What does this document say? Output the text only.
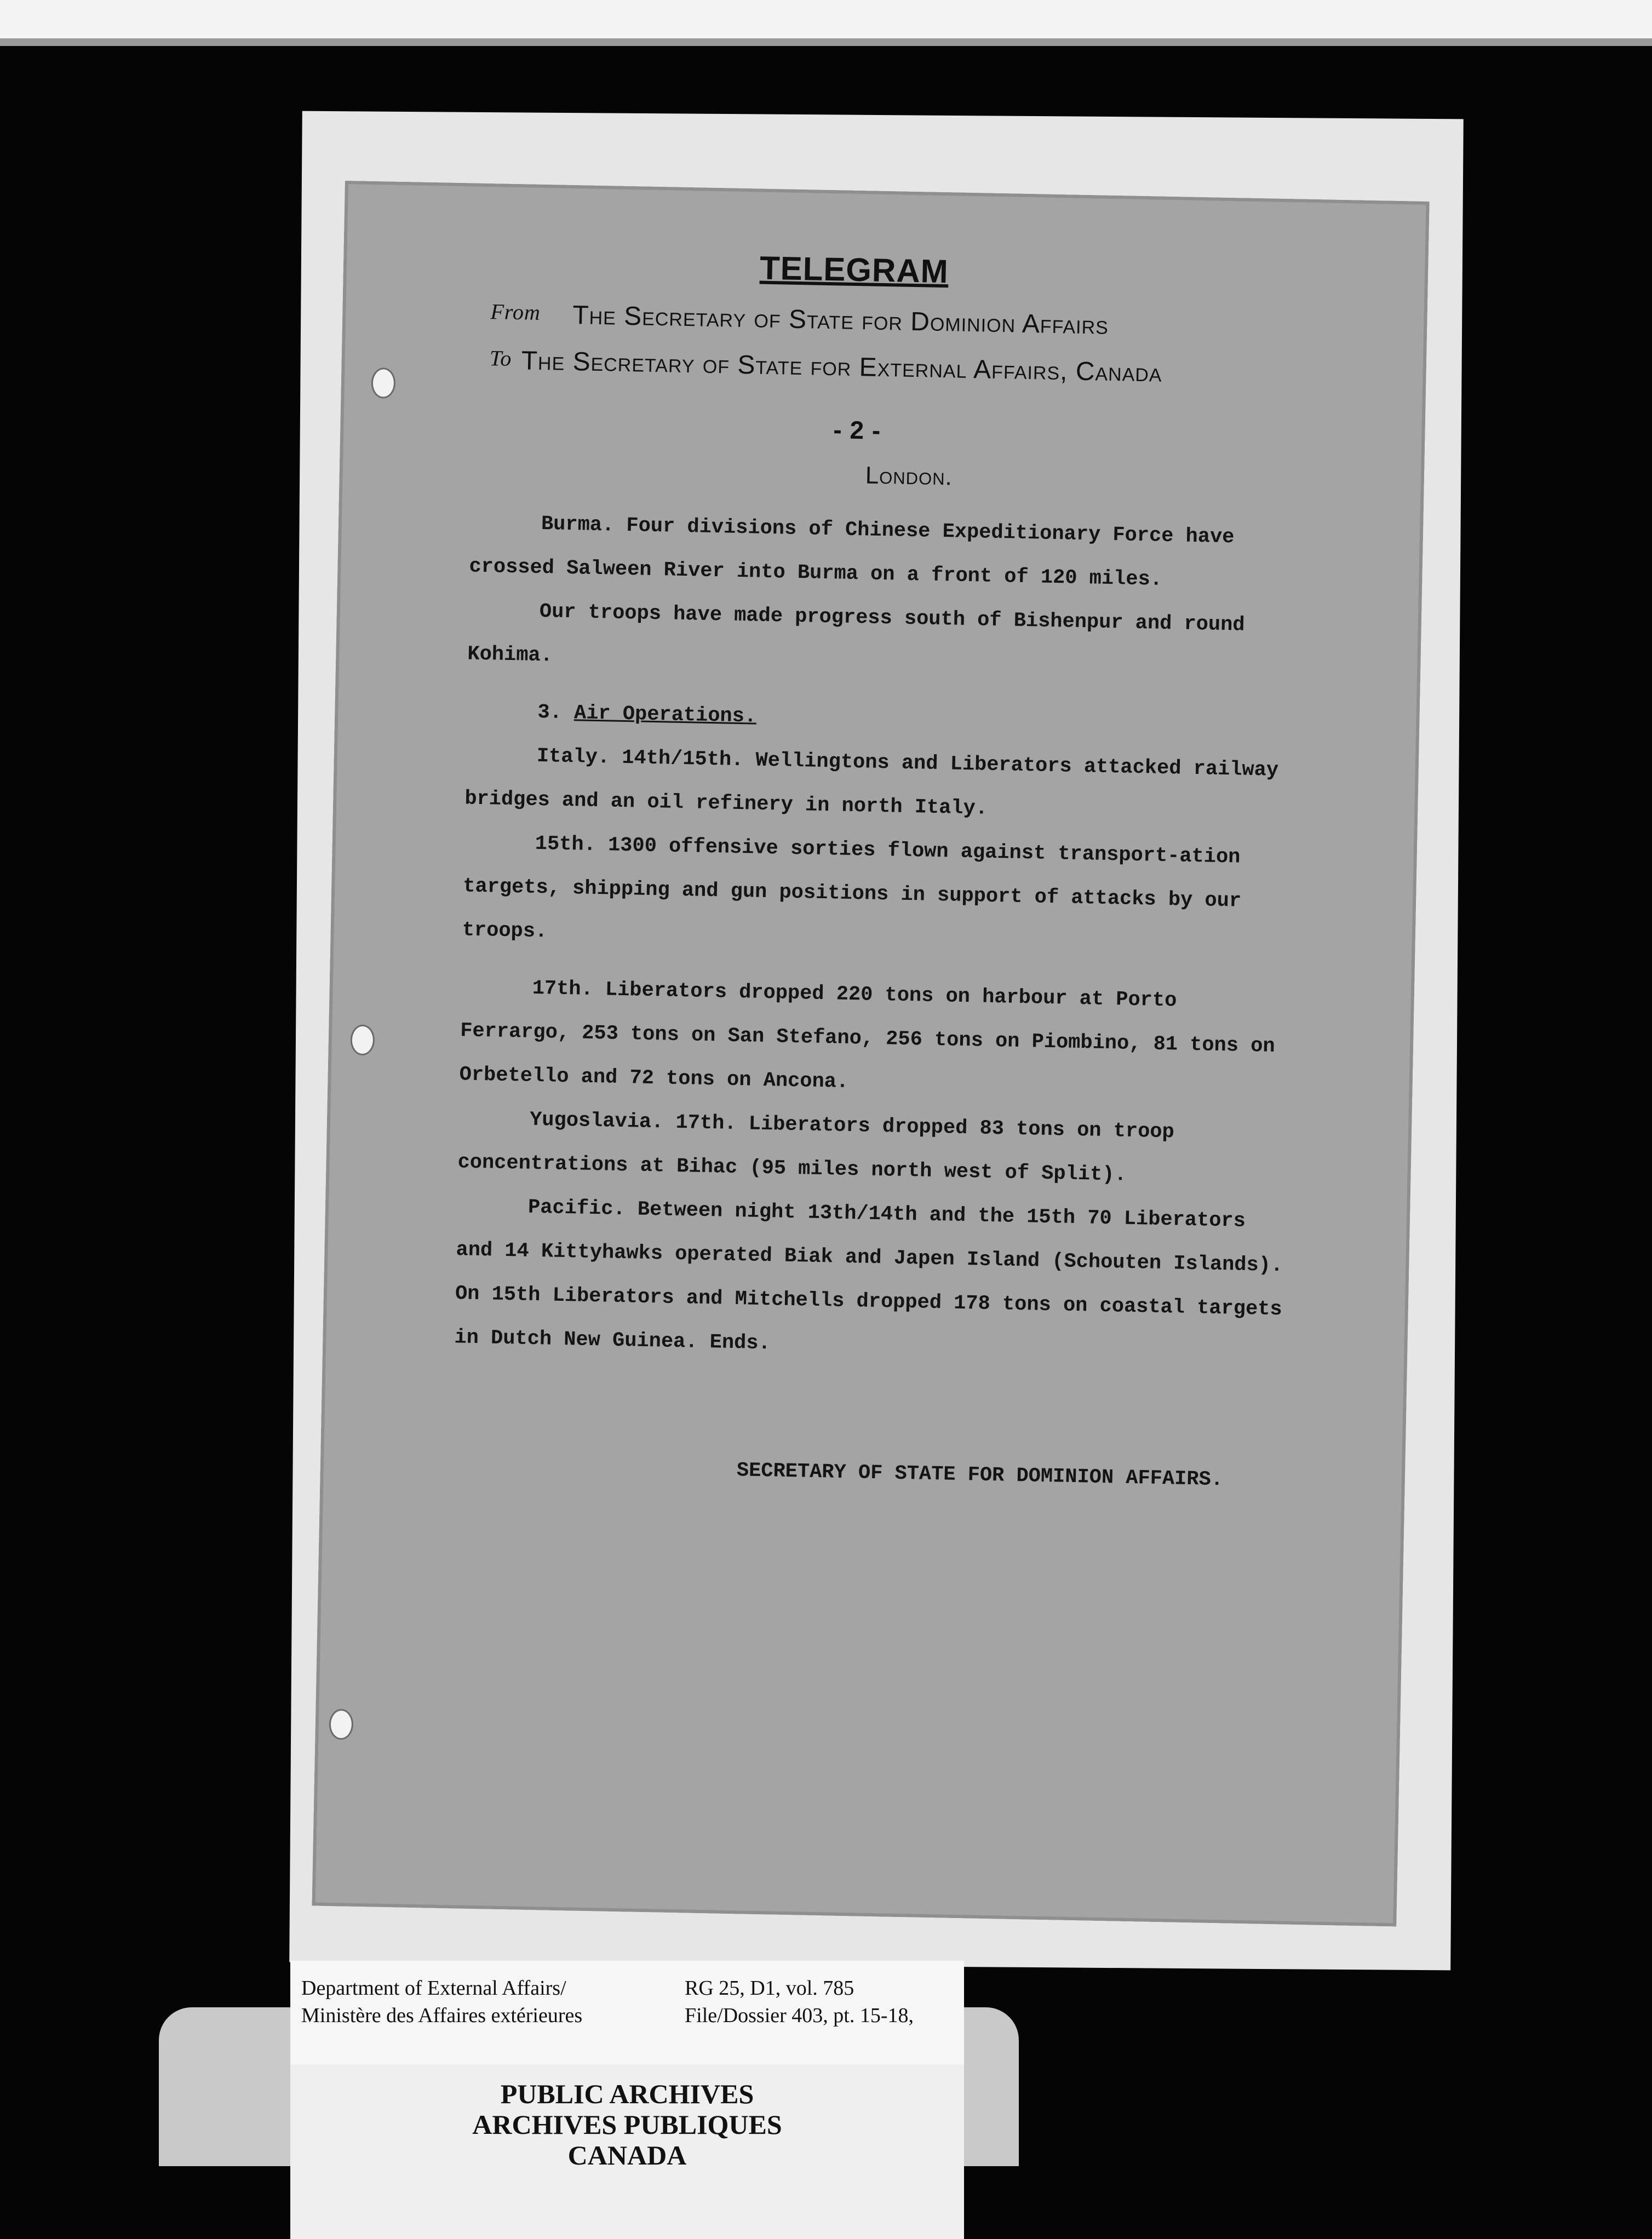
TELEGRAM
From The Secretary of State for Dominion Affairs
To The Secretary of State for External Affairs, Canada
- 2 -
London.

Burma. Four divisions of Chinese Expeditionary Force have crossed Salween River into Burma on a front of 120 miles.

Our troops have made progress south of Bishenpur and round Kohima.

3. Air Operations.

Italy. 14th/15th. Wellingtons and Liberators attacked railway bridges and an oil refinery in north Italy.

15th. 1300 offensive sorties flown against transport-ation targets, shipping and gun positions in support of attacks by our troops.

17th. Liberators dropped 220 tons on harbour at Porto Ferrargo, 253 tons on San Stefano, 256 tons on Piombino, 81 tons on Orbetello and 72 tons on Ancona.

Yugoslavia. 17th. Liberators dropped 83 tons on troop concentrations at Bihac (95 miles north west of Split).

Pacific. Between night 13th/14th and the 15th 70 Liberators and 14 Kittyhawks operated Biak and Japen Island (Schouten Islands). On 15th Liberators and Mitchells dropped 178 tons on coastal targets in Dutch New Guinea. Ends.

SECRETARY OF STATE FOR DOMINION AFFAIRS.
Department of External Affairs/
Ministère des Affaires extérieures
RG 25, D1, vol. 785
File/Dossier 403, pt. 15-18,
PUBLIC ARCHIVES
ARCHIVES PUBLIQUES
CANADA
